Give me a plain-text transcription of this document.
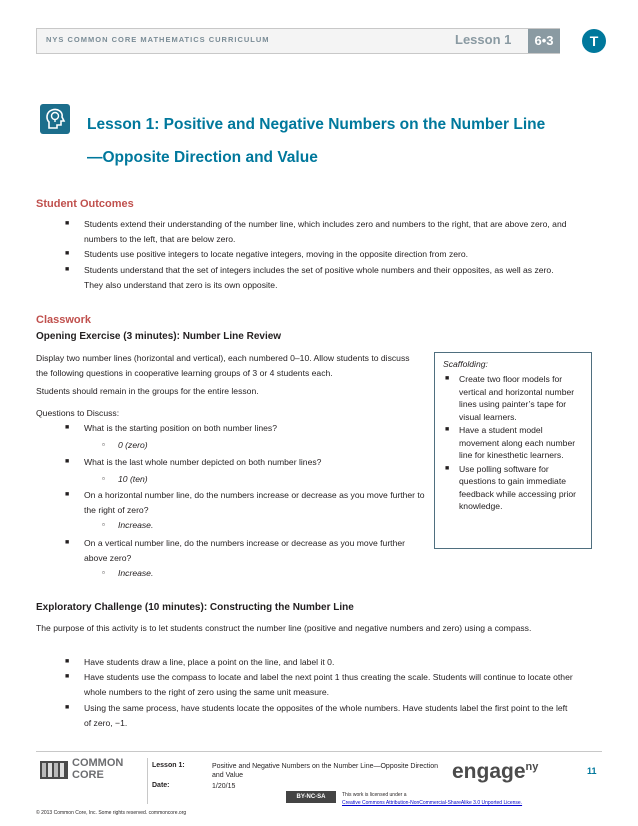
NYS COMMON CORE MATHEMATICS CURRICULUM	Lesson 1	6•3	T
Lesson 1: Positive and Negative Numbers on the Number Line—Opposite Direction and Value
Student Outcomes
■ Students extend their understanding of the number line, which includes zero and numbers to the right, that are above zero, and numbers to the left, that are below zero.
■ Students use positive integers to locate negative integers, moving in the opposite direction from zero.
■ Students understand that the set of integers includes the set of positive whole numbers and their opposites, as well as zero. They also understand that zero is its own opposite.
Classwork
Opening Exercise (3 minutes): Number Line Review
Display two number lines (horizontal and vertical), each numbered 0–10. Allow students to discuss the following questions in cooperative learning groups of 3 or 4 students each.
Students should remain in the groups for the entire lesson.
Questions to Discuss:
■ What is the starting position on both number lines?
▫ 0 (zero)
■ What is the last whole number depicted on both number lines?
▫ 10 (ten)
■ On a horizontal number line, do the numbers increase or decrease as you move further to the right of zero?
▫ Increase.
■ On a vertical number line, do the numbers increase or decrease as you move further above zero?
▫ Increase.
Scaffolding:
■ Create two floor models for vertical and horizontal number lines using painter’s tape for visual learners.
■ Have a student model movement along each number line for kinesthetic learners.
■ Use polling software for questions to gain immediate feedback while accessing prior knowledge.
Exploratory Challenge (10 minutes): Constructing the Number Line
The purpose of this activity is to let students construct the number line (positive and negative numbers and zero) using a compass.
■ Have students draw a line, place a point on the line, and label it 0.
■ Have students use the compass to locate and label the next point 1 thus creating the scale. Students will continue to locate other whole numbers to the right of zero using the same unit measure.
■ Using the same process, have students locate the opposites of the whole numbers. Have students label the first point to the left of zero, −1.
COMMON
CORE
Lesson 1:	Positive and Negative Numbers on the Number Line—Opposite Direction and Value
Date:	1/20/15
engage$^{ny}$	11
© 2013 Common Core, Inc. Some rights reserved. commoncore.org
BY-NC-SA	This work is licensed under a
Creative Commons Attribution-NonCommercial-ShareAlike 3.0 Unported License.
